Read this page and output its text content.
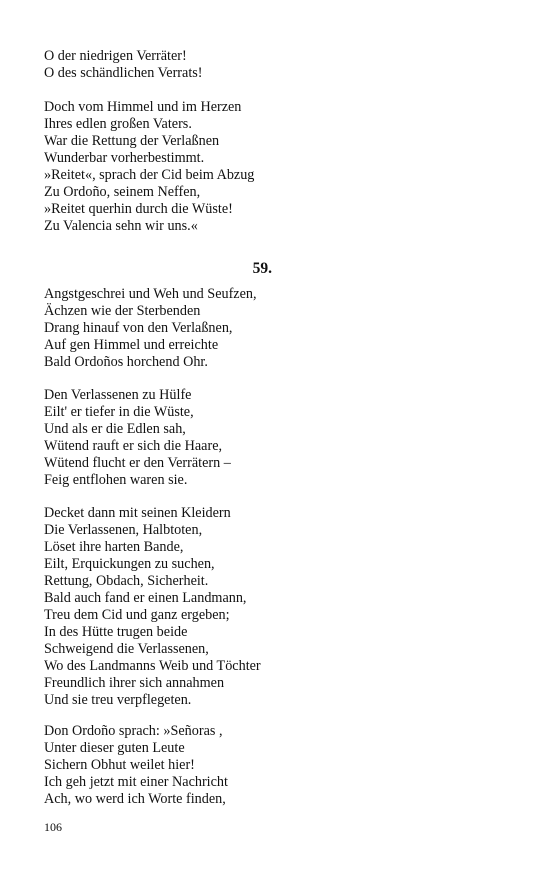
O der niedrigen Verräter!
O des schändlichen Verrats!
Doch vom Himmel und im Herzen
Ihres edlen großen Vaters.
War die Rettung der Verlaßnen
Wunderbar vorherbestimmt.
»Reitet«, sprach der Cid beim Abzug
Zu Ordoño, seinem Neffen,
»Reitet querhin durch die Wüste!
Zu Valencia sehn wir uns.«
59.
Angstgeschrei und Weh und Seufzen,
Ächzen wie der Sterbenden
Drang hinauf von den Verlaßnen,
Auf gen Himmel und erreichte
Bald Ordoños horchend Ohr.
Den Verlassenen zu Hülfe
Eilt' er tiefer in die Wüste,
Und als er die Edlen sah,
Wütend rauft er sich die Haare,
Wütend flucht er den Verrätern –
Feig entflohen waren sie.
Decket dann mit seinen Kleidern
Die Verlassenen, Halbtoten,
Löset ihre harten Bande,
Eilt, Erquickungen zu suchen,
Rettung, Obdach, Sicherheit.
Bald auch fand er einen Landmann,
Treu dem Cid und ganz ergeben;
In des Hütte trugen beide
Schweigend die Verlassenen,
Wo des Landmanns Weib und Töchter
Freundlich ihrer sich annahmen
Und sie treu verpflegeten.
Don Ordoño sprach: »Señoras ,
Unter dieser guten Leute
Sichern Obhut weilet hier!
Ich geh jetzt mit einer Nachricht
Ach, wo werd ich Worte finden,
106
